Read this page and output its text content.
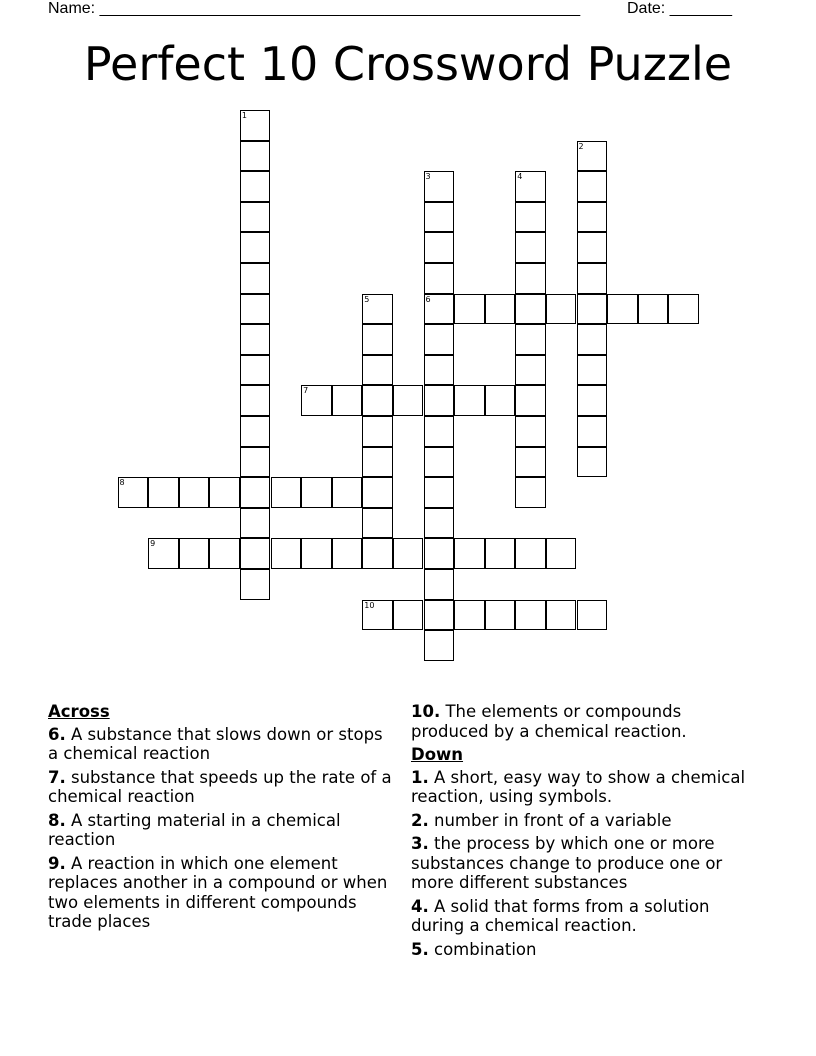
Name: ______________________________________________________	Date: _______
Perfect 10 Crossword Puzzle
1
2
3	4
5	6
7
8
9
10
Across
6. A substance that slows down or stops a chemical reaction
7. substance that speeds up the rate of a chemical reaction
8. A starting material in a chemical reaction
9. A reaction in which one element replaces another in a compound or when two elements in different compounds trade places
10. The elements or compounds produced by a chemical reaction.
Down
1. A short, easy way to show a chemical reaction, using symbols.
2. number in front of a variable
3. the process by which one or more substances change to produce one or more different substances
4. A solid that forms from a solution during a chemical reaction.
5. combination
